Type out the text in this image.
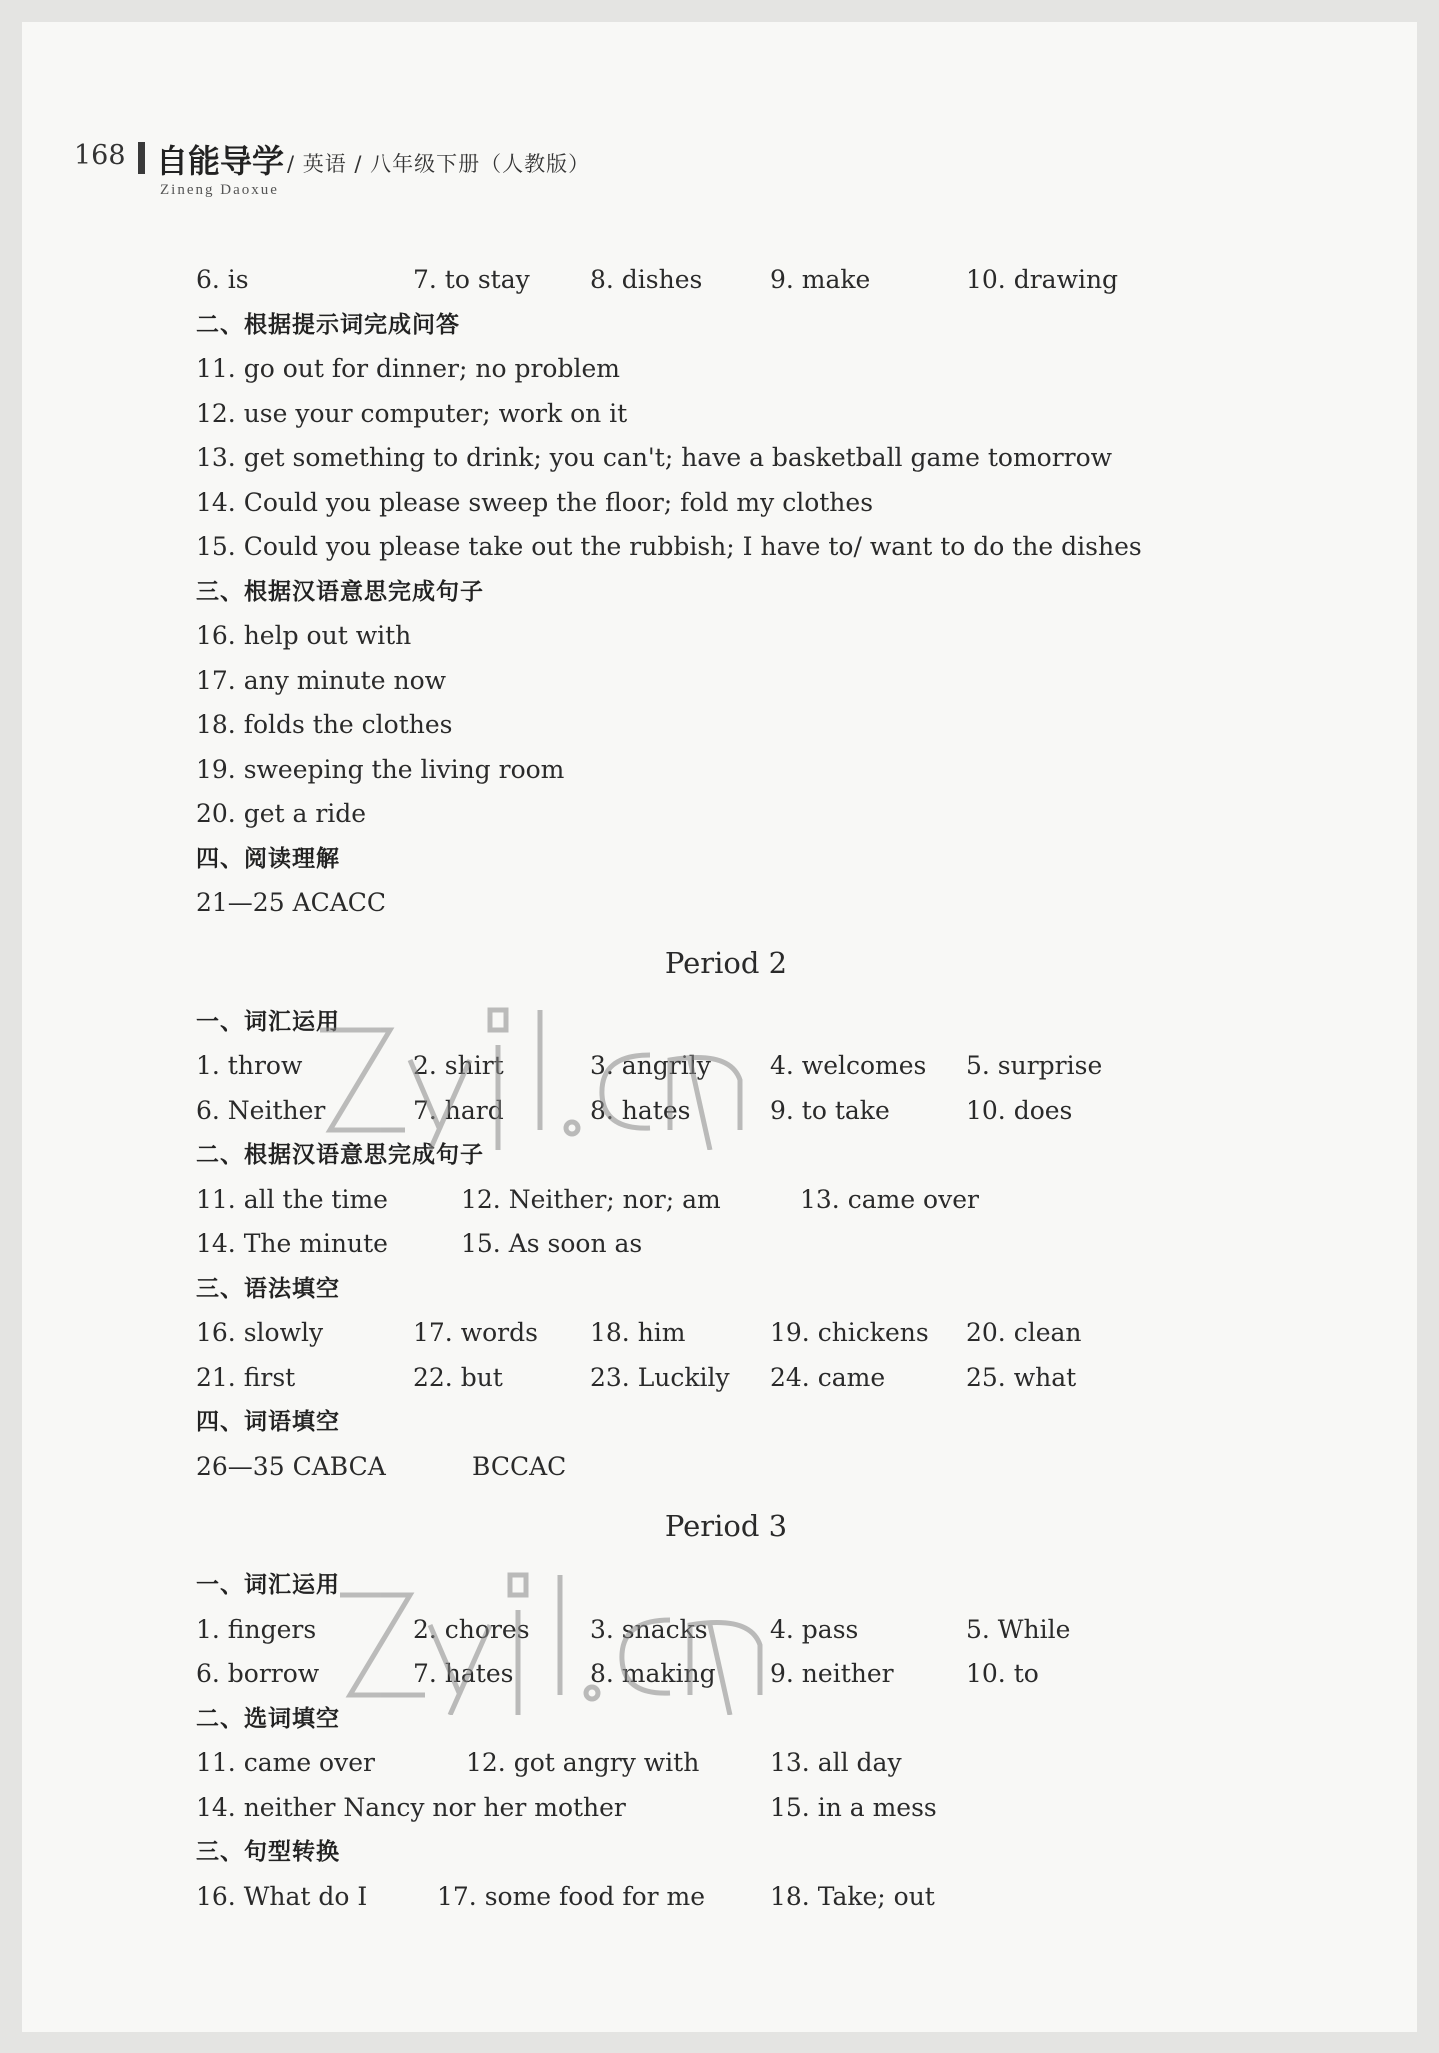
168 自能导学 / 英语 / 八年级下册（人教版）
Zineng Daoxue
6. is	7. to stay 8. dishes	9. make	10. drawing
二、根据提示词完成问答
11. go out for dinner; no problem
12. use your computer; work on it
13. get something to drink; you can't; have a basketball game tomorrow
14. Could you please sweep the floor; fold my clothes
15. Could you please take out the rubbish; I have to/ want to do the dishes
三、根据汉语意思完成句子
16. help out with
17. any minute now
18. folds the clothes
19. sweeping the living room
20. get a ride
四、阅读理解
21—25 ACACC
Period 2
一、词汇运用
1. throw	2. shirt	3. angrily 4. welcomes 5. surprise
6. Neither	7. hard	8. hates	9. to take	10. does
二、根据汉语意思完成句子
11. all the time	12. Neither; nor; am	13. came over
14. The minute	15. As soon as
三、语法填空
16. slowly	17. words 18. him	19. chickens 20. clean
21. first	22. but	23. Luckily 24. came	25. what
四、词语填空
26—35 CABCA	BCCAC
Period 3
一、词汇运用
1. fingers	2. chores 3. snacks 4. pass	5. While
6. borrow	7. hates	8. making 9. neither	10. to
二、选词填空
11. came over	12. got angry with	13. all day
14. neither Nancy nor her mother	15. in a mess
三、句型转换
16. What do I	17. some food for me	18. Take; out
